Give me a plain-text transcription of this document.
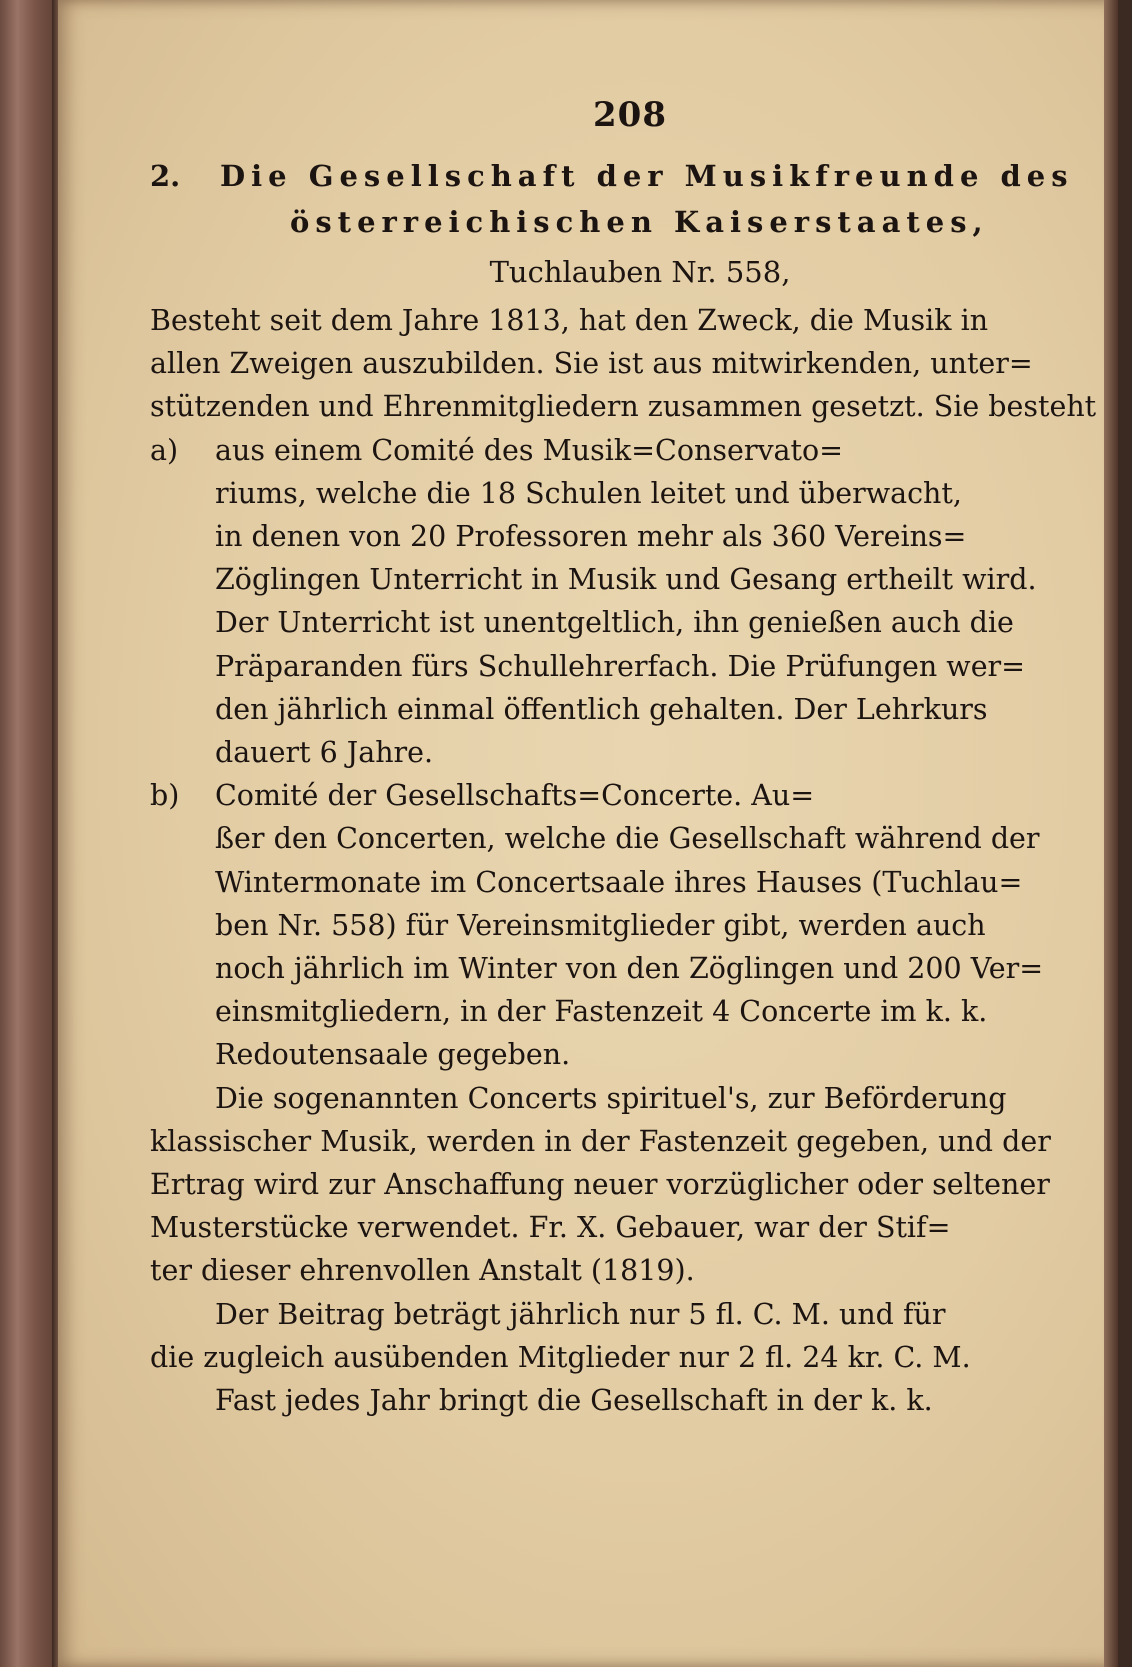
208
2. Die Gesellschaft der Musikfreunde des
österreichischen Kaiserstaates,
Tuchlauben Nr. 558,
Besteht seit dem Jahre 1813, hat den Zweck, die Musik in
allen Zweigen auszubilden. Sie ist aus mitwirkenden, unter=
stützenden und Ehrenmitgliedern zusammen gesetzt. Sie besteht
a) aus einem Comité des Musik=Conservato=
riums, welche die 18 Schulen leitet und überwacht,
in denen von 20 Professoren mehr als 360 Vereins=
Zöglingen Unterricht in Musik und Gesang ertheilt wird.
Der Unterricht ist unentgeltlich, ihn genießen auch die
Präparanden fürs Schullehrerfach. Die Prüfungen wer=
den jährlich einmal öffentlich gehalten. Der Lehrkurs
dauert 6 Jahre.
b) Comité der Gesellschafts=Concerte. Au=
ßer den Concerten, welche die Gesellschaft während der
Wintermonate im Concertsaale ihres Hauses (Tuchlau=
ben Nr. 558) für Vereinsmitglieder gibt, werden auch
noch jährlich im Winter von den Zöglingen und 200 Ver=
einsmitgliedern, in der Fastenzeit 4 Concerte im k. k.
Redoutensaale gegeben.
Die sogenannten Concerts spirituel's, zur Beförderung
klassischer Musik, werden in der Fastenzeit gegeben, und der
Ertrag wird zur Anschaffung neuer vorzüglicher oder seltener
Musterstücke verwendet. Fr. X. Gebauer, war der Stif=
ter dieser ehrenvollen Anstalt (1819).
Der Beitrag beträgt jährlich nur 5 fl. C. M. und für
die zugleich ausübenden Mitglieder nur 2 fl. 24 kr. C. M.
Fast jedes Jahr bringt die Gesellschaft in der k. k.
